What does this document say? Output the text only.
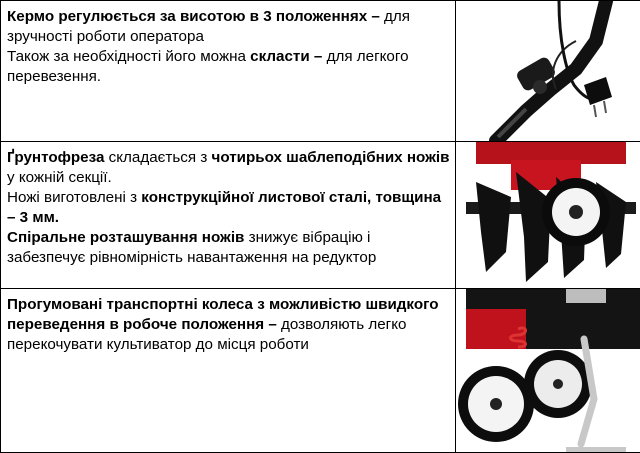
Кермо регулюється за висотою в 3 положеннях – для зручності роботи оператора
Також за необхідності його можна скласти – для легкого перевезення.	

Ґрунтофреза складається з чотирьох шаблеподібних ножів у кожній секції.
Ножі виготовлені з конструкційної листової сталі, товщина – 3 мм.
Спіральне розташування ножів знижує вібрацію і забезпечує рівномірність навантаження на редуктор	

Прогумовані транспортні колеса з можливістю швидкого переведення в робоче положення – дозволяють легко перекочувати культиватор до місця роботи	
